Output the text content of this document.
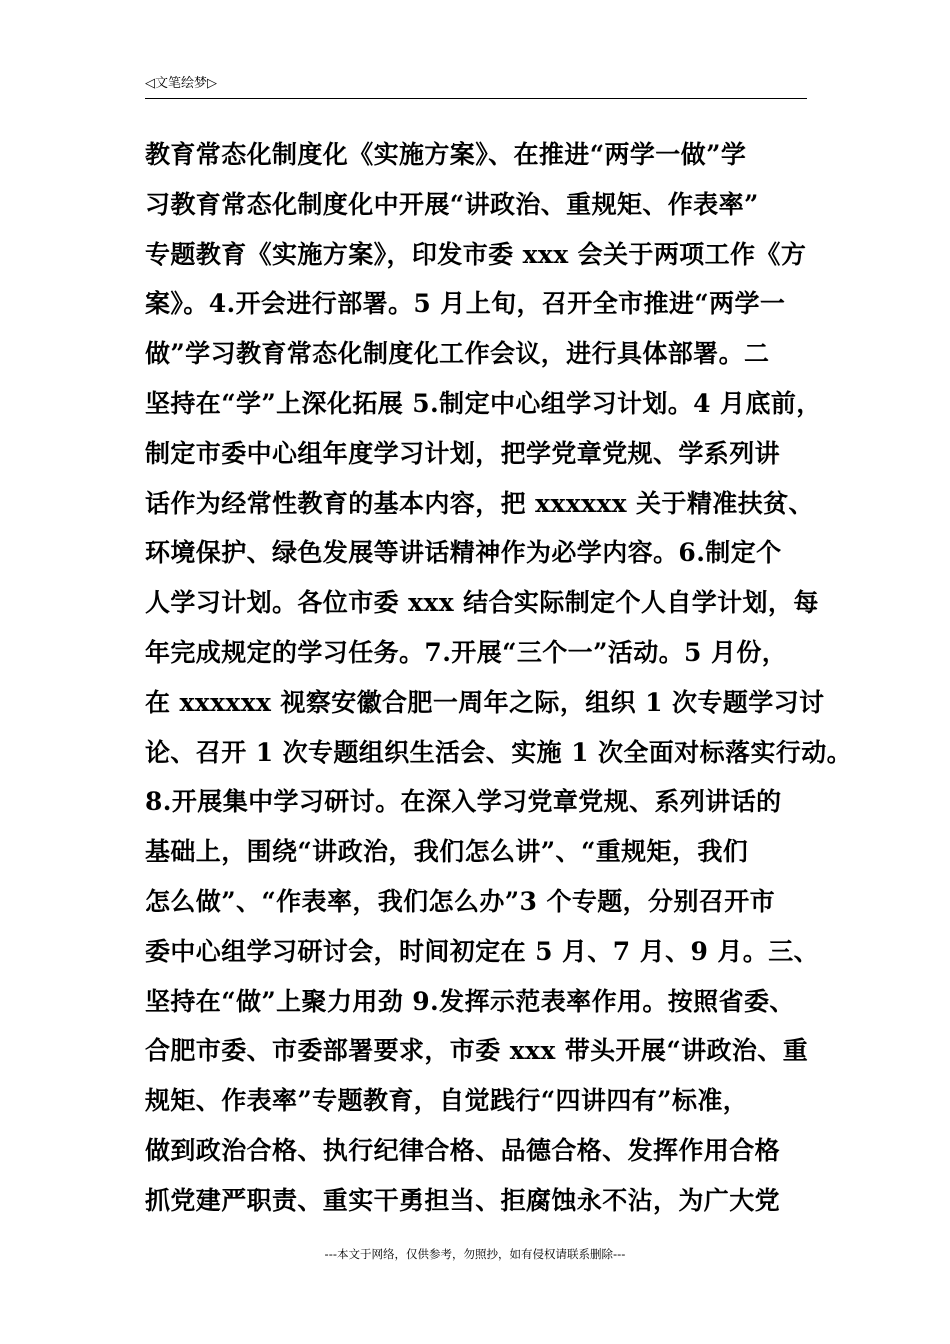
◁文笔绘梦▷
教育常态化制度化《实施方案》、在推进“两学一做”学
习教育常态化制度化中开展“讲政治、重规矩、作表率”
专题教育《实施方案》，印发市委 xxx 会关于两项工作《方
案》。4.开会进行部署。5 月上旬，召开全市推进“两学一
做”学习教育常态化制度化工作会议，进行具体部署。二
坚持在“学”上深化拓展 5.制定中心组学习计划。4 月底前，
制定市委中心组年度学习计划，把学党章党规、学系列讲
话作为经常性教育的基本内容，把 xxxxxx 关于精准扶贫、
环境保护、绿色发展等讲话精神作为必学内容。6.制定个
人学习计划。各位市委 xxx 结合实际制定个人自学计划，每
年完成规定的学习任务。7.开展“三个一”活动。5 月份，
在 xxxxxx 视察安徽合肥一周年之际，组织 1 次专题学习讨
论、召开 1 次专题组织生活会、实施 1 次全面对标落实行动。
8.开展集中学习研讨。在深入学习党章党规、系列讲话的
基础上，围绕“讲政治，我们怎么讲”、“重规矩，我们
怎么做”、“作表率，我们怎么办”3 个专题，分别召开市
委中心组学习研讨会，时间初定在 5 月、7 月、9 月。三、
坚持在“做”上聚力用劲 9.发挥示范表率作用。按照省委、
合肥市委、市委部署要求，市委 xxx 带头开展“讲政治、重
规矩、作表率”专题教育，自觉践行“四讲四有”标准，
做到政治合格、执行纪律合格、品德合格、发挥作用合格
抓党建严职责、重实干勇担当、拒腐蚀永不沾，为广大党
---本文于网络，仅供参考，勿照抄，如有侵权请联系删除---
